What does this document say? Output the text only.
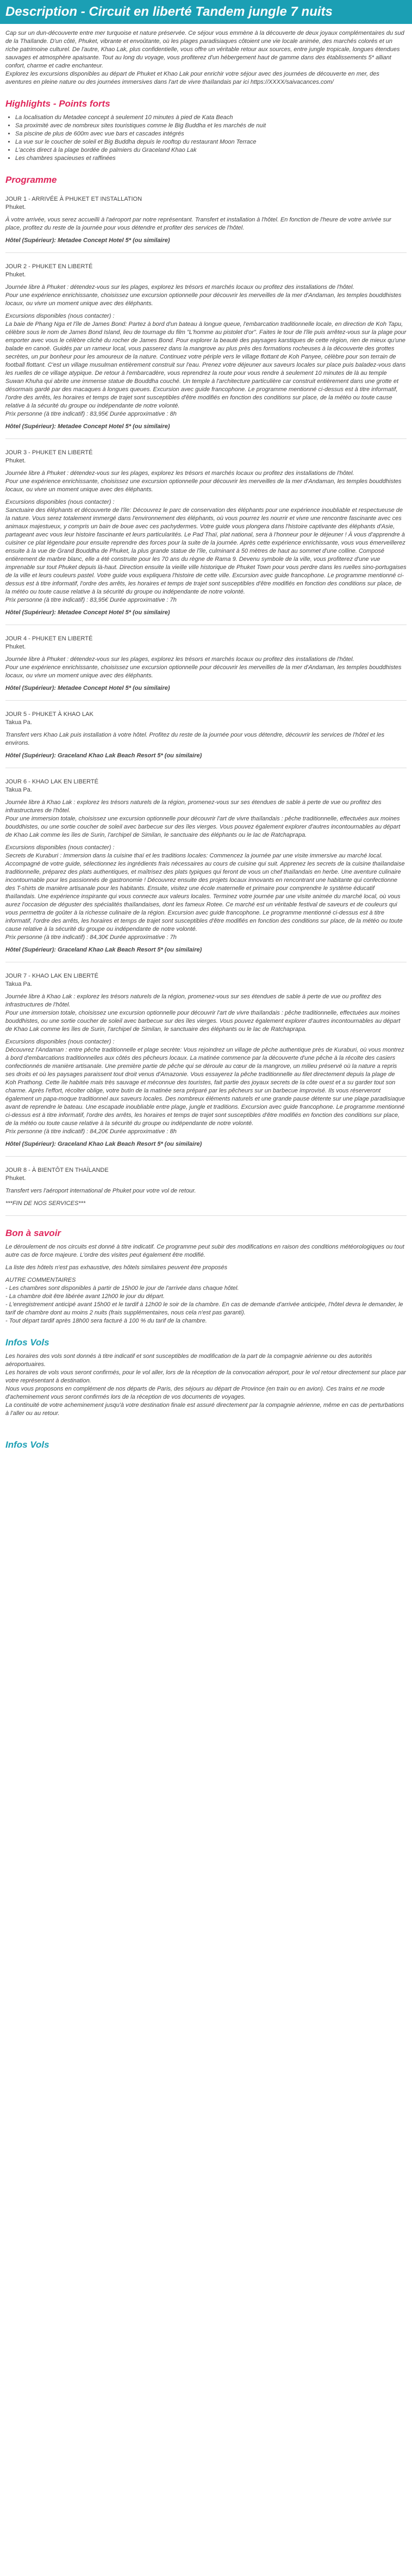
Description - Circuit en liberté Tandem jungle 7 nuits

Cap sur un dun-découverte entre mer turquoise et nature préservée. Ce séjour vous emmène à la découverte de deux joyaux complémentaires du sud de la Thaïlande. D'un côté, Phuket, vibrante et envoûtante, où les plages paradisiaques côtoient une vie locale animée, des marchés colorés et un riche patrimoine culturel. De l'autre, Khao Lak, plus confidentielle, vous offre un véritable retour aux sources, entre jungle tropicale, longues étendues sauvages et atmosphère apaisante. Tout au long du voyage, vous profiterez d'un hébergement haut de gamme dans des établissements 5* alliant confort, charme et cadre enchanteur.

Explorez les excursions disponibles au départ de Phuket et Khao Lak pour enrichir votre séjour avec des journées de découverte en mer, des aventures en pleine nature ou des journées immersives dans l'art de vivre thaïlandais par ici https://XXXX/saivacances.com/

Highlights - Points forts
• La localisation du Metadee concept à seulement 10 minutes à pied de Kata Beach
• Sa proximité avec de nombreux sites touristiques comme le Big Buddha et les marchés de nuit
• Sa piscine de plus de 600m avec vue bars et cascades intégrés
• La vue sur le coucher de soleil et Big Buddha depuis le rooftop du restaurant Moon Terrace
• L'accès direct à la plage bordée de palmiers du Graceland Khao Lak
• Les chambres spacieuses et raffinées
Programme

JOUR 1 - ARRIVÉE À PHUKET ET INSTALLATION

Phuket.

À votre arrivée, vous serez accueilli à l'aéroport par notre représentant. Transfert et installation à l'hôtel. En fonction de l'heure de votre arrivée sur place, profitez du reste de la journée pour vous détendre et profiter des services de l'hôtel.

Hôtel (Supérieur): Metadee Concept Hotel 5* (ou similaire)

JOUR 2 - PHUKET EN LIBERTÉ

Phuket.

Journée libre à Phuket : détendez-vous sur les plages, explorez les trésors et marchés locaux ou profitez des installations de l'hôtel.

Pour une expérience enrichissante, choisissez une excursion optionnelle pour découvrir les merveilles de la mer d'Andaman, les temples bouddhistes locaux, ou vivre un moment unique avec des éléphants.

Excursions disponibles (nous contacter) :

La baie de Phang Nga et l'île de James Bond: Partez à bord d'un bateau à longue queue, l'embarcation traditionnelle locale, en direction de Koh Tapu, célèbre sous le nom de James Bond Island, lieu de tournage du film "L'homme au pistolet d'or". Faites le tour de l'île puis arrêtez-vous sur la plage pour emporter avec vous le célèbre cliché du rocher de James Bond. Pour explorer la beauté des paysages karstiques de cette région, rien de mieux qu'une balade en canoë. Guidés par un rameur local, vous passerez dans la mangrove au plus près des formations rocheuses à la découverte des grottes secrètes, un pur bonheur pour les amoureux de la nature. Continuez votre périple vers le village flottant de Koh Panyee, célèbre pour son terrain de football flottant. C'est un village musulman entièrement construit sur l'eau. Prenez votre déjeuner aux saveurs locales sur place puis baladez-vous dans les ruelles de ce village atypique. De retour à l'embarcadère, vous reprendrez la route pour vous rendre à seulement 10 minutes de là au temple Suwan Khuha qui abrite une immense statue de Bouddha couché. Un temple à l'architecture particulière car construit entièrement dans une grotte et désormais gardé par des macaques à longues queues. Excursion avec guide francophone. Le programme mentionné ci-dessus est à titre informatif, l'ordre des arrêts, les horaires et temps de trajet sont susceptibles d'être modifiés en fonction des conditions sur place, de la météo ou toute cause relative à la sécurité du groupe ou indépendante de notre volonté.

Prix personne (à titre indicatif) : 83,95€ Durée approximative : 8h

Hôtel (Supérieur): Metadee Concept Hotel 5* (ou similaire)

JOUR 3 - PHUKET EN LIBERTÉ

Phuket.

Journée libre à Phuket : détendez-vous sur les plages, explorez les trésors et marchés locaux ou profitez des installations de l'hôtel.

Pour une expérience enrichissante, choisissez une excursion optionnelle pour découvrir les merveilles de la mer d'Andaman, les temples bouddhistes locaux, ou vivre un moment unique avec des éléphants.

Excursions disponibles (nous contacter) :

Sanctuaire des éléphants et découverte de l'île: Découvrez le parc de conservation des éléphants pour une expérience inoubliable et respectueuse de la nature. Vous serez totalement immergé dans l'environnement des éléphants, où vous pourrez les nourrir et vivre une rencontre fascinante avec ces animaux majestueux, y compris un bain de boue avec ces pachydermes. Votre guide vous plongera dans l'histoire captivante des éléphants d'Asie, partageant avec vous leur histoire fascinante et leurs particularités. Le Pad Thaï, plat national, sera à l'honneur pour le déjeuner ! À vous d'apprendre à cuisiner ce plat légendaire pour ensuite reprendre des forces pour la suite de la journée. Après cette expérience enrichissante, vous vous émerveillerez ensuite à la vue de Grand Bouddha de Phuket, la plus grande statue de l'île, culminant à 50 mètres de haut au sommet d'une colline. Composé entièrement de marbre blanc, elle a été construite pour les 70 ans du règne de Rama 9. Devenu symbole de la ville, vous profiterez d'une vue imprenable sur tout Phuket depuis là-haut. Direction ensuite la vieille ville historique de Phuket Town pour vous perdre dans les ruelles sino-portugaises de la ville et leurs couleurs pastel. Votre guide vous expliquera l'histoire de cette ville. Excursion avec guide francophone. Le programme mentionné ci-dessus est à titre informatif, l'ordre des arrêts, les horaires et temps de trajet sont susceptibles d'être modifiés en fonction des conditions sur place, de la météo ou toute cause relative à la sécurité du groupe ou indépendante de notre volonté.

Prix personne (à titre indicatif) : 83,95€ Durée approximative : 7h

Hôtel (Supérieur): Metadee Concept Hotel 5* (ou similaire)

JOUR 4 - PHUKET EN LIBERTÉ

Phuket.

Journée libre à Phuket : détendez-vous sur les plages, explorez les trésors et marchés locaux ou profitez des installations de l'hôtel.

Pour une expérience enrichissante, choisissez une excursion optionnelle pour découvrir les merveilles de la mer d'Andaman, les temples bouddhistes locaux, ou vivre un moment unique avec des éléphants.

Hôtel (Supérieur): Metadee Concept Hotel 5* (ou similaire)

JOUR 5 - PHUKET À KHAO LAK

Takua Pa.

Transfert vers Khao Lak puis installation à votre hôtel. Profitez du reste de la journée pour vous détendre, découvrir les services de l'hôtel et les environs.

Hôtel (Supérieur): Graceland Khao Lak Beach Resort 5* (ou similaire)

JOUR 6 - KHAO LAK EN LIBERTÉ

Takua Pa.

Journée libre à Khao Lak : explorez les trésors naturels de la région, promenez-vous sur ses étendues de sable à perte de vue ou profitez des infrastructures de l'hôtel.

Pour une immersion totale, choisissez une excursion optionnelle pour découvrir l'art de vivre thaïlandais : pêche traditionnelle, effectuées aux moines bouddhistes, ou une sortie coucher de soleil avec barbecue sur des îles vierges. Vous pouvez également explorer d'autres incontournables au départ de Khao Lak comme les îles de Surin, l'archipel de Similan, le sanctuaire des éléphants ou le lac de Ratchaprapa.

Excursions disponibles (nous contacter) :

Secrets de Kuraburi : Immersion dans la cuisine thaï et les traditions locales: Commencez la journée par une visite immersive au marché local. Accompagné de votre guide, sélectionnez les ingrédients frais nécessaires au cours de cuisine qui suit. Apprenez les secrets de la cuisine thaïlandaise traditionnelle, préparez des plats authentiques, et maîtrisez des plats typiques qui feront de vous un chef thaïlandais en herbe. Une aventure culinaire incontournable pour les passionnés de gastronomie ! Découvrez ensuite des projets locaux innovants en rencontrant une habitante qui confectionne des T-shirts de manière artisanale pour les habitants. Ensuite, visitez une école maternelle et primaire pour comprendre le système éducatif thaïlandais. Une expérience inspirante qui vous connecte aux valeurs locales. Terminez votre journée par une visite animée du marché local, où vous aurez l'occasion de déguster des spécialités thaïlandaises, dont les fameux Rotee. Ce marché est un véritable festival de saveurs et de couleurs qui vous permettra de goûter à la richesse culinaire de la région. Excursion avec guide francophone. Le programme mentionné ci-dessus est à titre informatif, l'ordre des arrêts, les horaires et temps de trajet sont susceptibles d'être modifiés en fonction des conditions sur place, de la météo ou toute cause relative à la sécurité du groupe ou indépendante de notre volonté.

Prix personne (à titre indicatif) : 84,30€ Durée approximative : 7h

Hôtel (Supérieur): Graceland Khao Lak Beach Resort 5* (ou similaire)

JOUR 7 - KHAO LAK EN LIBERTÉ

Takua Pa.

Journée libre à Khao Lak : explorez les trésors naturels de la région, promenez-vous sur ses étendues de sable à perte de vue ou profitez des infrastructures de l'hôtel.

Pour une immersion totale, choisissez une excursion optionnelle pour découvrir l'art de vivre thaïlandais : pêche traditionnelle, effectuées aux moines bouddhistes, ou une sortie coucher de soleil avec barbecue sur des îles vierges. Vous pouvez également explorer d'autres incontournables au départ de Khao Lak comme les îles de Surin, l'archipel de Similan, le sanctuaire des éléphants ou le lac de Ratchaprapa.

Excursions disponibles (nous contacter) :

Découvrez l'Andaman : entre pêche traditionnelle et plage secrète: Vous rejoindrez un village de pêche authentique près de Kuraburi, où vous montrez à bord d'embarcations traditionnelles aux côtés des pêcheurs locaux. La matinée commence par la découverte d'une pêche à la récolte des casiers confectionnés de manière artisanale. Une première partie de pêche qui se déroule au cœur de la mangrove, un milieu préservé où la nature a repris ses droits et où les paysages paraissent tout droit venus d'Amazonie. Vous essayerez la pêche traditionnelle au filet directement depuis la plage de Koh Prathong. Cette île habitée mais très sauvage et méconnue des touristes, fait partie des joyaux secrets de la côte ouest et a su garder tout son charme. Après l'effort, récolter oblige, votre butin de la matinée sera préparé par les pêcheurs sur un barbecue improvisé. Ils vous réserveront également un papa-moque traditionnel aux saveurs locales. Des nombreux éléments naturels et une grande pause détente sur une plage paradisiaque avant de reprendre le bateau. Une escapade inoubliable entre plage, jungle et traditions. Excursion avec guide francophone. Le programme mentionné ci-dessus est à titre informatif, l'ordre des arrêts, les horaires et temps de trajet sont susceptibles d'être modifiés en fonction des conditions sur place, de la météo ou toute cause relative à la sécurité du groupe ou indépendante de notre volonté.

Prix personne (à titre indicatif) : 84,20€ Durée approximative : 8h

Hôtel (Supérieur): Graceland Khao Lak Beach Resort 5* (ou similaire)

JOUR 8 - À BIENTÔT EN THAÏLANDE

Phuket.

Transfert vers l'aéroport international de Phuket pour votre vol de retour.

***FIN DE NOS SERVICES***

Bon à savoir

Le déroulement de nos circuits est donné à titre indicatif. Ce programme peut subir des modifications en raison des conditions météorologiques ou tout autre cas de force majeure. L'ordre des visites peut également être modifié.

La liste des hôtels n'est pas exhaustive, des hôtels similaires peuvent être proposés

AUTRE COMMENTAIRES

- Les chambres sont disponibles à partir de 15h00 le jour de l'arrivée dans chaque hôtel.

- La chambre doit être libérée avant 12h00 le jour du départ.

- L'enregistrement anticipé avant 15h00 et le tardif à 12h00 le soir de la chambre. En cas de demande d'arrivée anticipée, l'hôtel devra le demander, le tarif de chambre dont au moins 2 nuits (frais supplémentaires, nous cela n'est pas garanti).

- Tout départ tardif après 18h00 sera facturé à 100 % du tarif de la chambre.

Infos Vols

Les horaires des vols sont donnés à titre indicatif et sont susceptibles de modification de la part de la compagnie aérienne ou des autorités aéroportuaires.

Les horaires de vols vous seront confirmés, pour le vol aller, lors de la réception de la convocation aéroport, pour le vol retour directement sur place par votre représentant à destination.

Nous vous proposons en complément de nos départs de Paris, des séjours au départ de Province (en train ou en avion). Ces trains et ne mode d'acheminement vous seront confirmés lors de la réception de vos documents de voyages.

La continuité de votre acheminement jusqu'à votre destination finale est assuré directement par la compagnie aérienne, même en cas de perturbations à l'aller ou au retour.

Infos Vols
